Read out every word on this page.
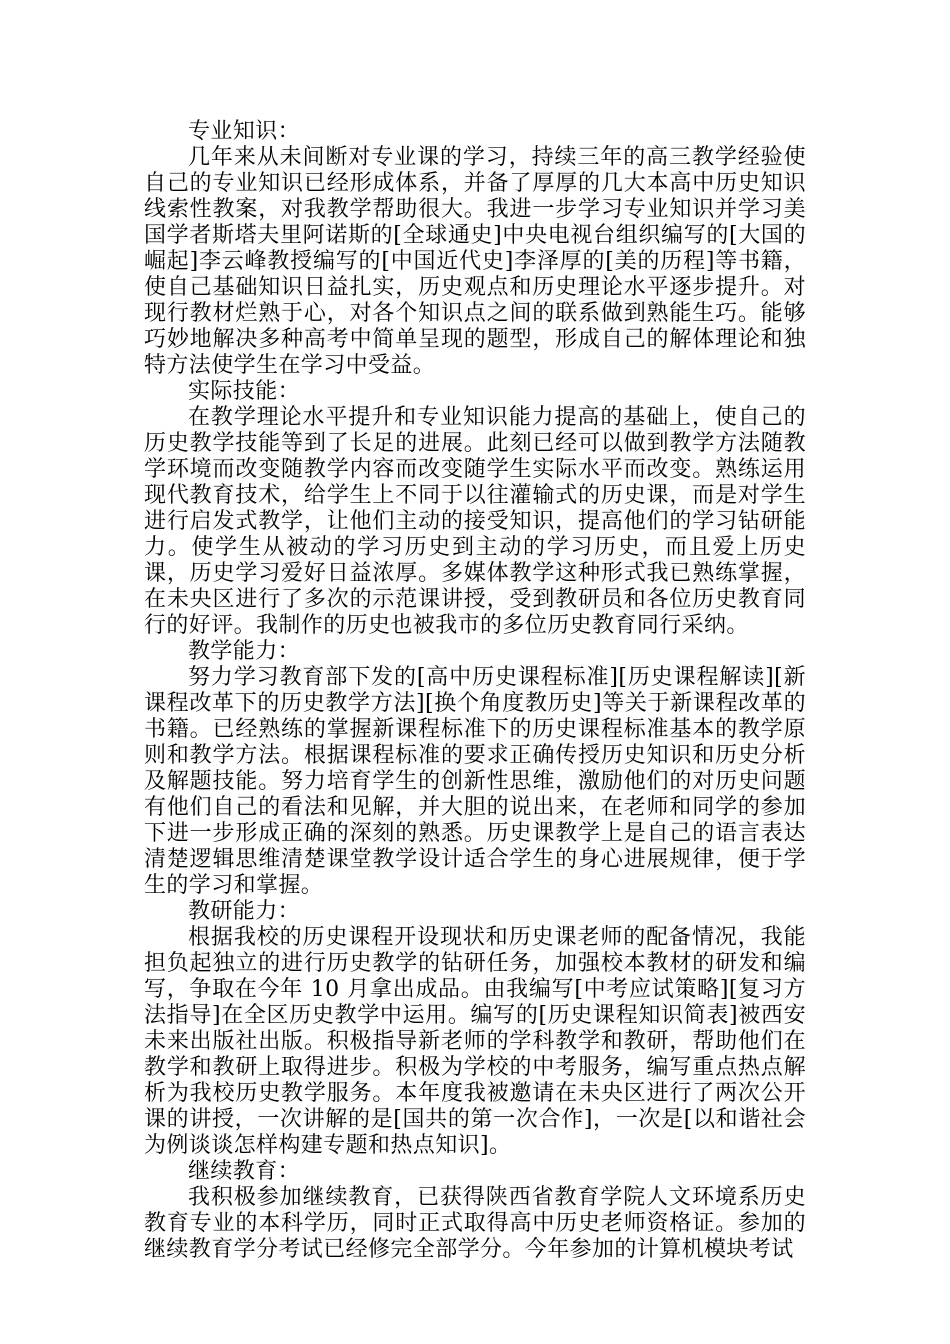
专业知识：

几年来从未间断对专业课的学习，持续三年的高三教学经验使自己的专业知识已经形成体系，并备了厚厚的几大本高中历史知识线索性教案，对我教学帮助很大。我进一步学习专业知识并学习美国学者斯塔夫里阿诺斯的[全球通史]中央电视台组织编写的[大国的崛起]李云峰教授编写的[中国近代史]李泽厚的[美的历程]等书籍，使自己基础知识日益扎实，历史观点和历史理论水平逐步提升。对现行教材烂熟于心，对各个知识点之间的联系做到熟能生巧。能够巧妙地解决多种高考中简单呈现的题型，形成自己的解体理论和独特方法使学生在学习中受益。

实际技能：

在教学理论水平提升和专业知识能力提高的基础上，使自己的历史教学技能等到了长足的进展。此刻已经可以做到教学方法随教学环境而改变随教学内容而改变随学生实际水平而改变。熟练运用现代教育技术，给学生上不同于以往灌输式的历史课，而是对学生进行启发式教学，让他们主动的接受知识，提高他们的学习钻研能力。使学生从被动的学习历史到主动的学习历史，而且爱上历史课，历史学习爱好日益浓厚。多媒体教学这种形式我已熟练掌握，在未央区进行了多次的示范课讲授，受到教研员和各位历史教育同行的好评。我制作的历史也被我市的多位历史教育同行采纳。

教学能力：

努力学习教育部下发的[高中历史课程标准][历史课程解读][新课程改革下的历史教学方法][换个角度教历史]等关于新课程改革的书籍。已经熟练的掌握新课程标准下的历史课程标准基本的教学原则和教学方法。根据课程标准的要求正确传授历史知识和历史分析及解题技能。努力培育学生的创新性思维，激励他们的对历史问题有他们自己的看法和见解，并大胆的说出来，在老师和同学的参加下进一步形成正确的深刻的熟悉。历史课教学上是自己的语言表达清楚逻辑思维清楚课堂教学设计适合学生的身心进展规律，便于学生的学习和掌握。

教研能力：

根据我校的历史课程开设现状和历史课老师的配备情况，我能担负起独立的进行历史教学的钻研任务，加强校本教材的研发和编写，争取在今年 10 月拿出成品。由我编写[中考应试策略][复习方法指导]在全区历史教学中运用。编写的[历史课程知识简表]被西安未来出版社出版。积极指导新老师的学科教学和教研，帮助他们在教学和教研上取得进步。积极为学校的中考服务，编写重点热点解析为我校历史教学服务。本年度我被邀请在未央区进行了两次公开课的讲授，一次讲解的是[国共的第一次合作]，一次是[以和谐社会为例谈谈怎样构建专题和热点知识]。

继续教育：

我积极参加继续教育，已获得陕西省教育学院人文环境系历史教育专业的本科学历，同时正式取得高中历史老师资格证。参加的继续教育学分考试已经修完全部学分。今年参加的计算机模块考试
